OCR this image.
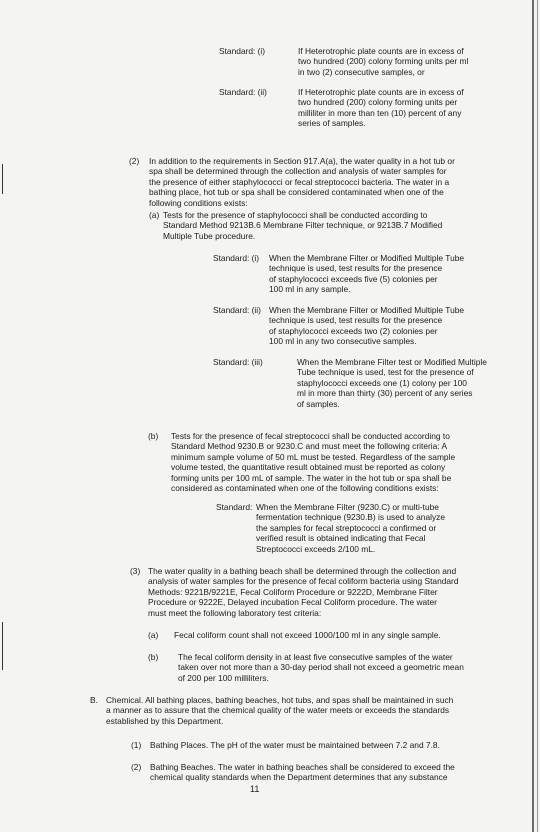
Standard: (i)	If Heterotrophic plate counts are in excess of
two hundred (200) colony forming units per ml
in two (2) consecutive samples, or
Standard: (ii)	If Heterotrophic plate counts are in excess of
two hundred (200) colony forming units per
milliliter in more than ten (10) percent of any
series of samples.
(2) In addition to the requirements in Section 917.A(a), the water quality in a hot tub or
spa shall be determined through the collection and analysis of water samples for
the presence of either staphylococci or fecal streptococci bacteria. The water in a
bathing place, hot tub or spa shall be considered contaminated when one of the
following conditions exists:
(a) Tests for the presence of staphylococci shall be conducted according to
Standard Method 9213B.6 Membrane Filter technique, or 9213B.7 Modified
Multiple Tube procedure.
Standard: (i) When the Membrane Filter or Modified Multiple Tube
technique is used, test results for the presence
of staphylococci exceeds five (5) colonies per
100 ml in any sample.
Standard: (ii) When the Membrane Filter or Modified Multiple Tube
technique is used, test results for the presence
of staphylococci exceeds two (2) colonies per
100 ml in any two consecutive samples.
Standard: (iii)	When the Membrane Filter test or Modified Multiple
Tube technique is used, test for the presence of
staphylococci exceeds one (1) colony per 100
ml in more than thirty (30) percent of any series
of samples.
(b) Tests for the presence of fecal streptococci shall be conducted according to
Standard Method 9230.B or 9230.C and must meet the following criteria: A
minimum sample volume of 50 mL must be tested. Regardless of the sample
volume tested, the quantitative result obtained must be reported as colony
forming units per 100 mL of sample. The water in the hot tub or spa shall be
considered as contaminated when one of the following conditions exists:
Standard: When the Membrane Filter (9230.C) or multi-tube
fermentation technique (9230.B) is used to analyze
the samples for fecal streptococci a confirmed or
verified result is obtained indicating that Fecal
Streptococci exceeds 2/100 mL.
(3) The water quality in a bathing beach shall be determined through the collection and
analysis of water samples for the presence of fecal coliform bacteria using Standard
Methods: 9221B/9221E, Fecal Coliform Procedure or 9222D, Membrane Filter
Procedure or 9222E, Delayed incubation Fecal Coliform procedure. The water
must meet the following laboratory test criteria:
(a) Fecal coliform count shall not exceed 1000/100 ml in any single sample.
(b) The fecal coliform density in at least five consecutive samples of the water
taken over not more than a 30-day period shall not exceed a geometric mean
of 200 per 100 milliliters.
B. Chemical. All bathing places, bathing beaches, hot tubs, and spas shall be maintained in such
a manner as to assure that the chemical quality of the water meets or exceeds the standards
established by this Department.
(1) Bathing Places. The pH of the water must be maintained between 7.2 and 7.8.
(2) Bathing Beaches. The water in bathing beaches shall be considered to exceed the
chemical quality standards when the Department determines that any substance
11
